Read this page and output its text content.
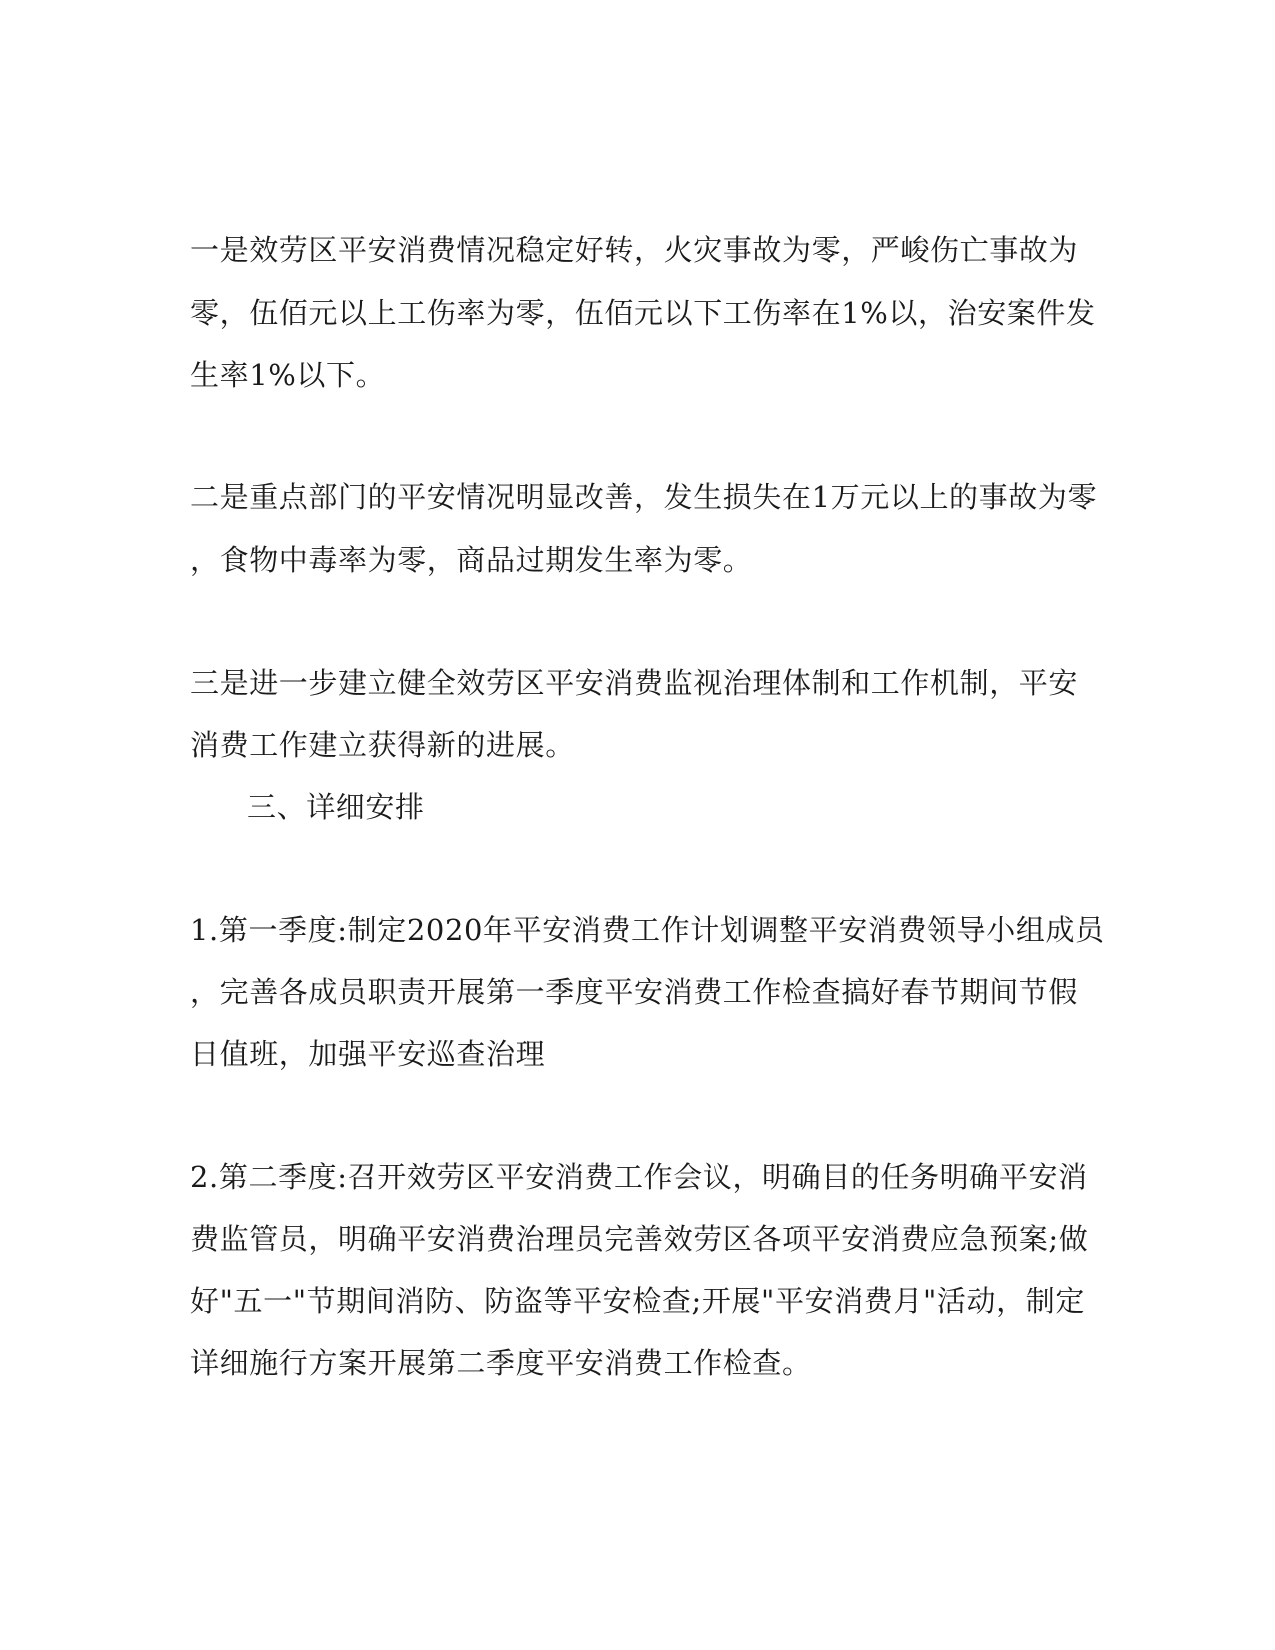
一是效劳区平安消费情况稳定好转，火灾事故为零，严峻伤亡事故为
零，伍佰元以上工伤率为零，伍佰元以下工伤率在1%以，治安案件发
生率1%以下。
二是重点部门的平安情况明显改善，发生损失在1万元以上的事故为零
，食物中毒率为零，商品过期发生率为零。
三是进一步建立健全效劳区平安消费监视治理体制和工作机制，平安
消费工作建立获得新的进展。
三、详细安排
1.第一季度:制定2020年平安消费工作计划调整平安消费领导小组成员
，完善各成员职责开展第一季度平安消费工作检查搞好春节期间节假
日值班，加强平安巡查治理
2.第二季度:召开效劳区平安消费工作会议，明确目的任务明确平安消
费监管员，明确平安消费治理员完善效劳区各项平安消费应急预案;做
好"五一"节期间消防、防盗等平安检查;开展"平安消费月"活动，制定
详细施行方案开展第二季度平安消费工作检查。
